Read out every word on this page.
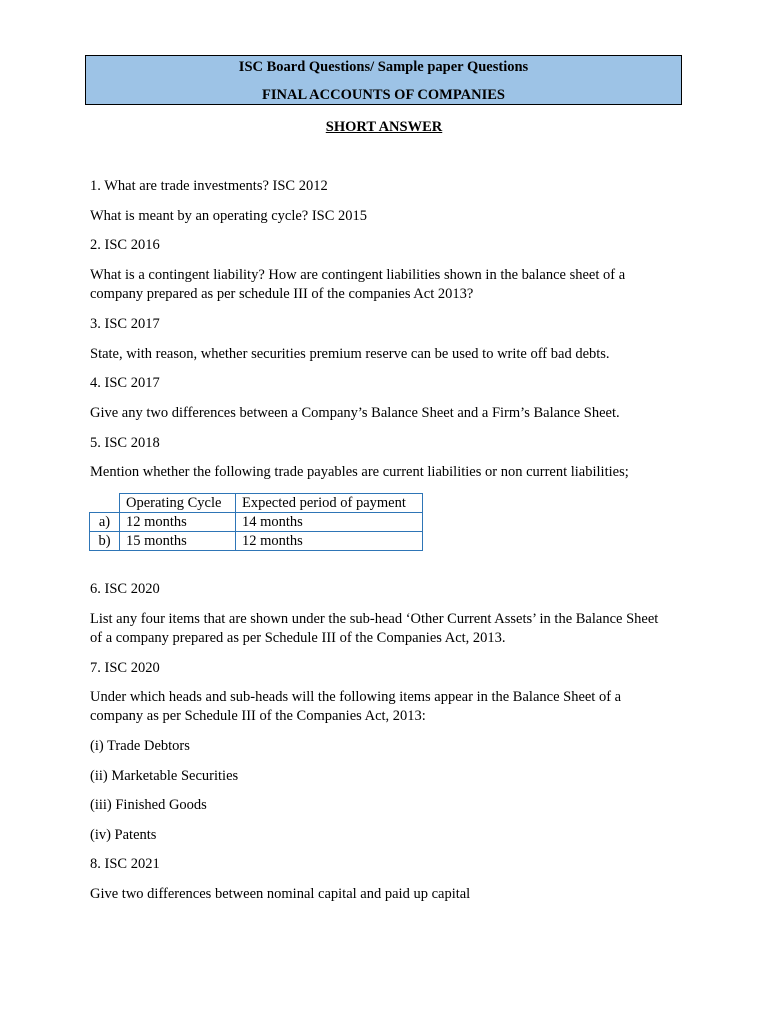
ISC Board Questions/ Sample paper Questions
FINAL ACCOUNTS OF COMPANIES
SHORT ANSWER
1. What are trade investments? ISC 2012
What is meant by an operating cycle? ISC 2015
2. ISC 2016
What is a contingent liability? How are contingent liabilities shown in the balance sheet of a company prepared as per schedule III of the companies Act 2013?
3. ISC 2017
State, with reason, whether securities premium reserve can be used to write off bad debts.
4. ISC 2017
Give any two differences between a Company’s Balance Sheet and a Firm’s Balance Sheet.
5. ISC 2018
Mention whether the following trade payables are current liabilities or non current liabilities;
	Operating Cycle	Expected period of payment
a)	12 months	14 months
b)	15 months	12 months
6. ISC 2020
List any four items that are shown under the sub-head ‘Other Current Assets’ in the Balance Sheet of a company prepared as per Schedule III of the Companies Act, 2013.
7. ISC 2020
Under which heads and sub-heads will the following items appear in the Balance Sheet of a company as per Schedule III of the Companies Act, 2013:
(i) Trade Debtors
(ii) Marketable Securities
(iii) Finished Goods
(iv) Patents
8. ISC 2021
Give two differences between nominal capital and paid up capital
